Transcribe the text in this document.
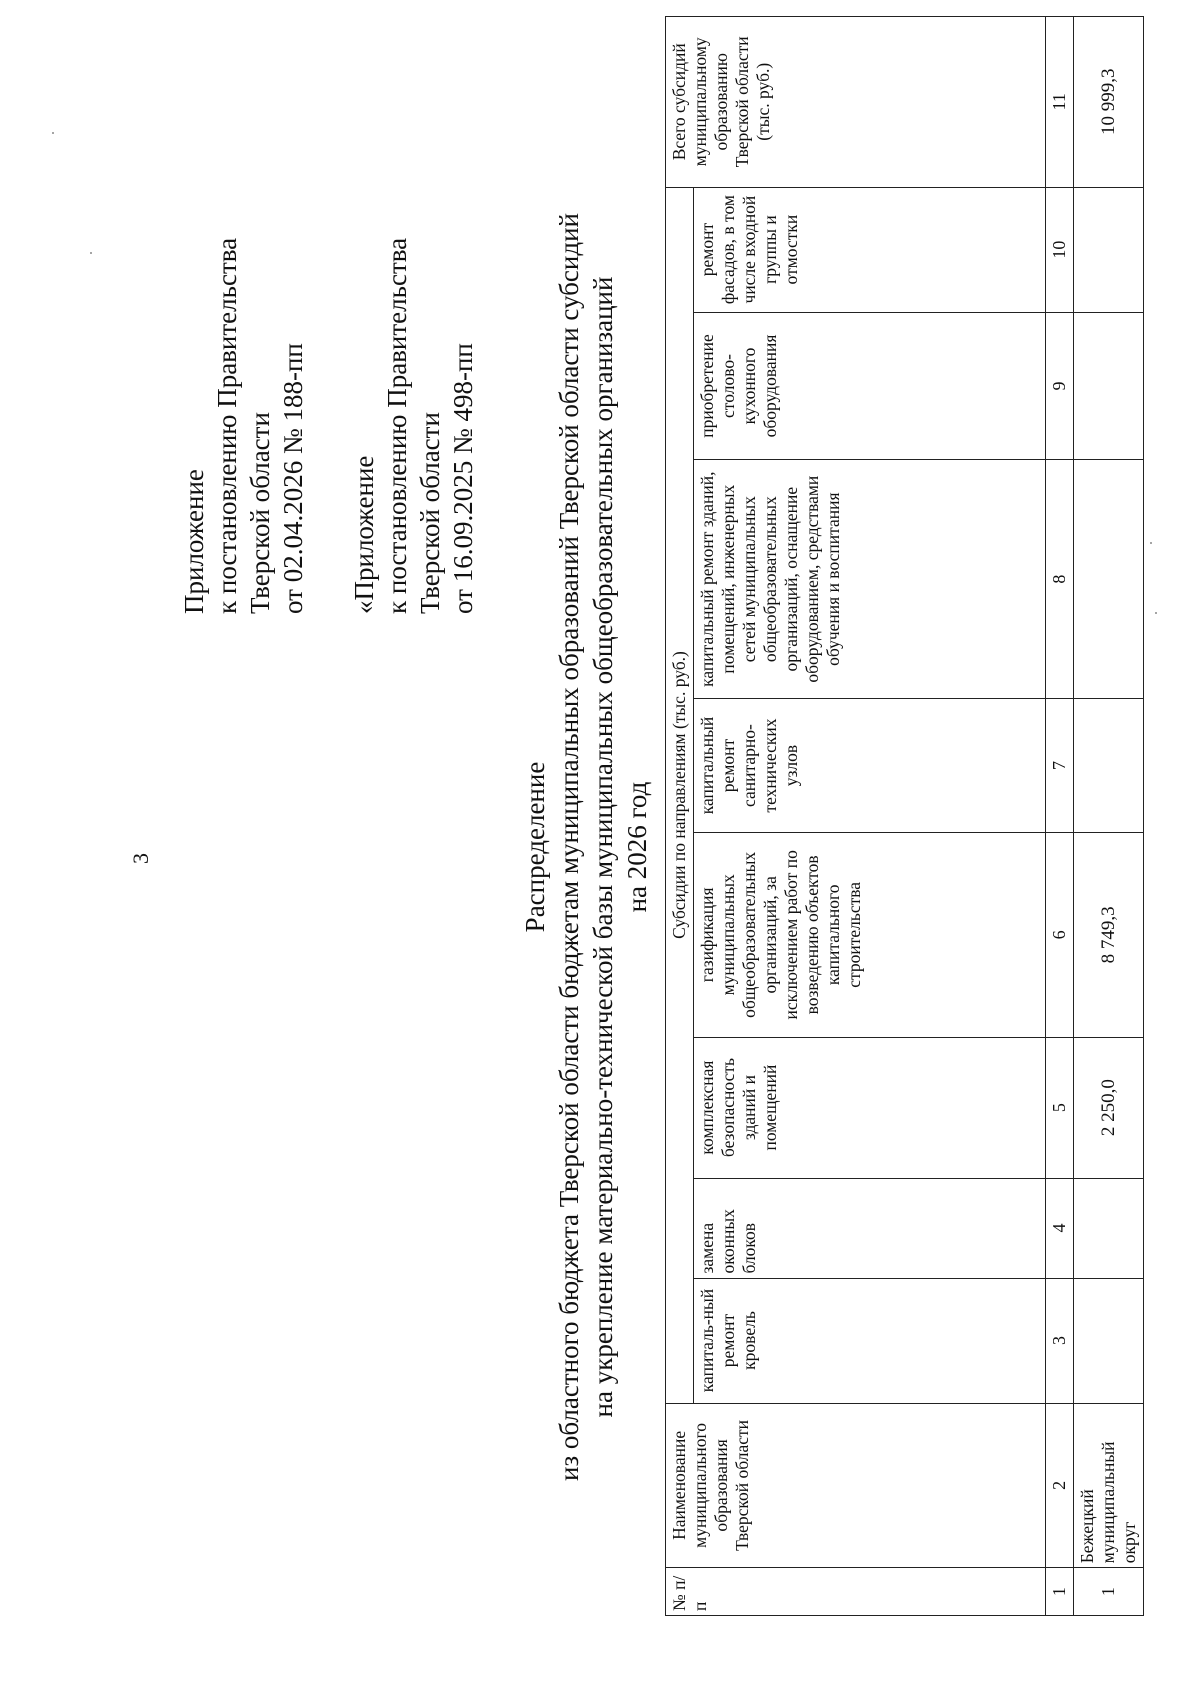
3
Приложение к постановлению Правительства Тверской области от 02.04.2026 № 188-пп «Приложение к постановлению Правительства Тверской области от 16.09.2025 № 498-пп
Распределение из областного бюджета Тверской области бюджетам муниципальных образований Тверской области субсидий на укрепление материально-технической базы муниципальных общеобразовательных организаций на 2026 год
№ п/п	Наименование муниципального образования Тверской области	Субсидии по направлениям (тыс. руб.)								Всего субсидий муниципальному образованию Тверской области (тыс. руб.)
		капиталь-ный ремонт кровель	замена оконных блоков	комплексная безопасность зданий и помещений	газификация муниципальных общеобразовательных организаций, за исключением работ по возведению объектов капитального строительства	капитальный ремонт санитарно-технических узлов	капитальный ремонт зданий, помещений, инженерных сетей муниципальных общеобразовательных организаций, оснащение оборудованием, средствами обучения и воспитания	приобретение столово-кухонного оборудования	ремонт фасадов, в том числе входной группы и отмостки	
1	2	3	4	5	6	7	8	9	10	11
1	Бежецкий муниципальный округ			2 250,0	8 749,3					10 999,3
